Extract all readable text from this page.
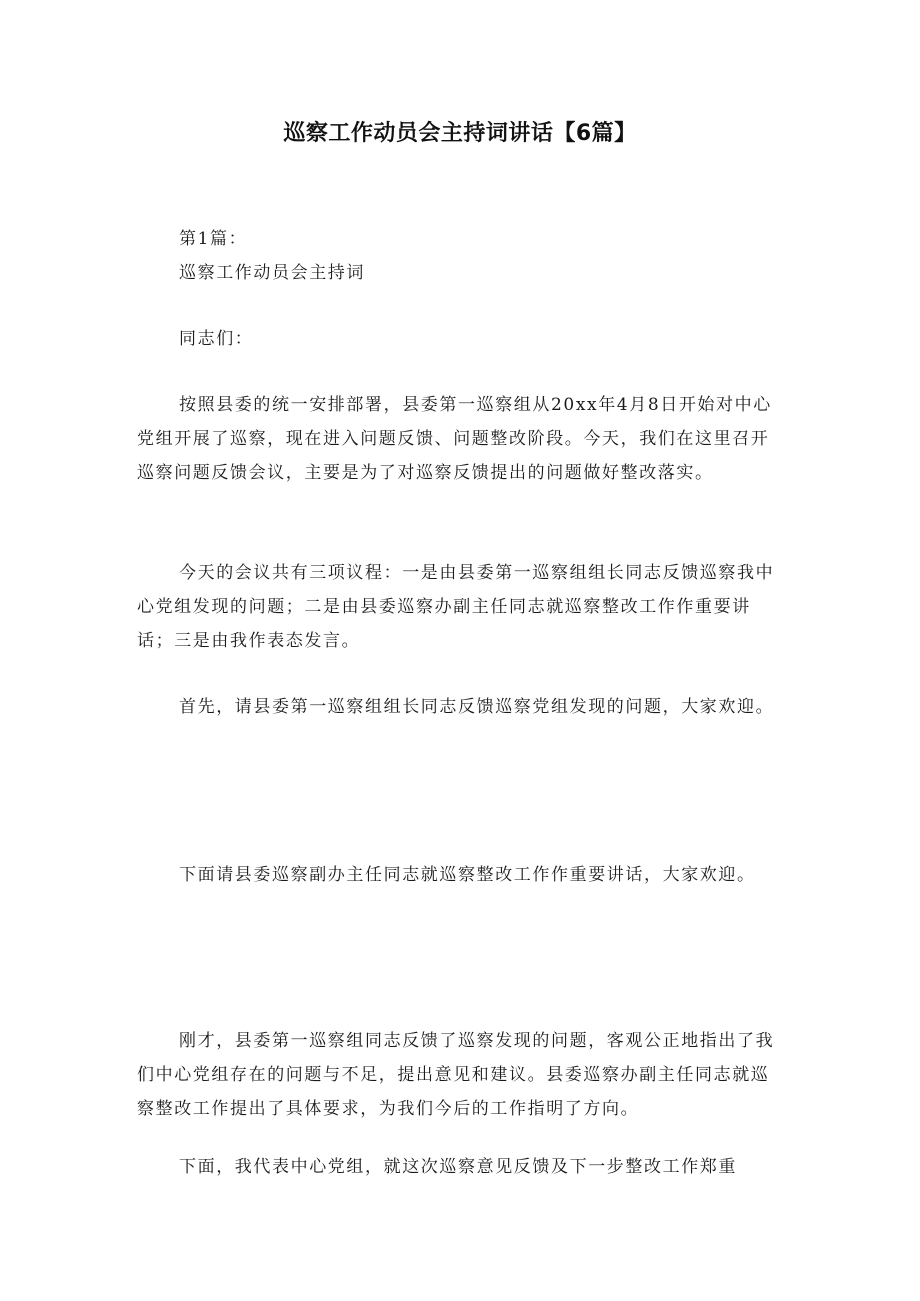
巡察工作动员会主持词讲话【6篇】

第1篇：

巡察工作动员会主持词

同志们：

按照县委的统一安排部署，县委第一巡察组从20xx年4月8日开始对中心党组开展了巡察，现在进入问题反馈、问题整改阶段。今天，我们在这里召开巡察问题反馈会议，主要是为了对巡察反馈提出的问题做好整改落实。

今天的会议共有三项议程：一是由县委第一巡察组组长同志反馈巡察我中心党组发现的问题；二是由县委巡察办副主任同志就巡察整改工作作重要讲话；三是由我作表态发言。

首先，请县委第一巡察组组长同志反馈巡察党组发现的问题，大家欢迎。

下面请县委巡察副办主任同志就巡察整改工作作重要讲话，大家欢迎。

刚才，县委第一巡察组同志反馈了巡察发现的问题，客观公正地指出了我们中心党组存在的问题与不足，提出意见和建议。县委巡察办副主任同志就巡察整改工作提出了具体要求，为我们今后的工作指明了方向。

下面，我代表中心党组，就这次巡察意见反馈及下一步整改工作郑重
